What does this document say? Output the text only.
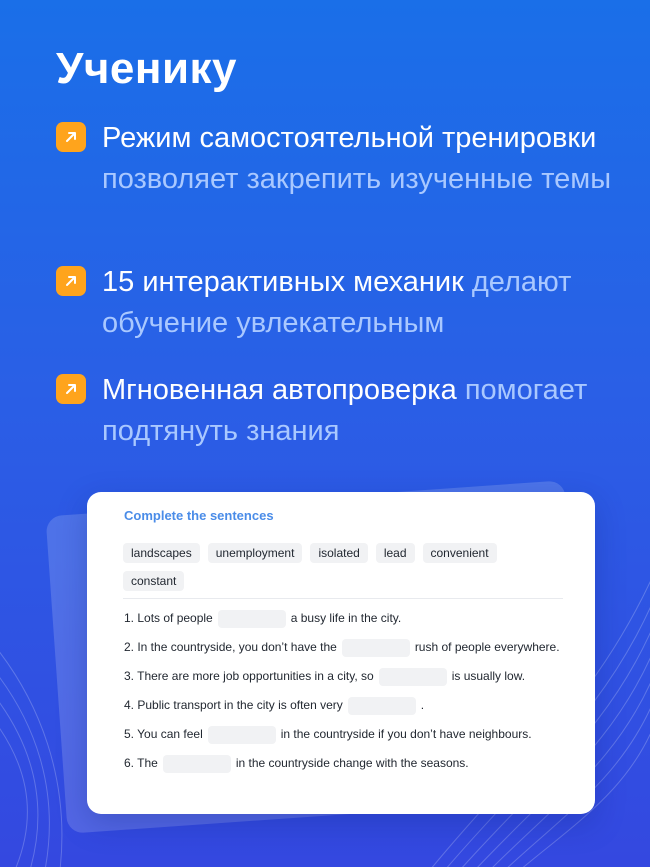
Ученику

Режим самостоятельной тренировки позволяет закрепить изученные темы

15 интерактивных механик делают обучение увлекательным

Мгновенная автопроверка помогает подтянуть знания

Complete the sentences
landscapes	unemployment	isolated	lead	convenient
constant
1. Lots of people	a busy life in the city.
2. In the countryside, you don’t have the	rush of people everywhere.
3. There are more job opportunities in a city, so	is usually low.
4. Public transport in the city is often very	.
5. You can feel	in the countryside if you don’t have neighbours.
6. The	in the countryside change with the seasons.
